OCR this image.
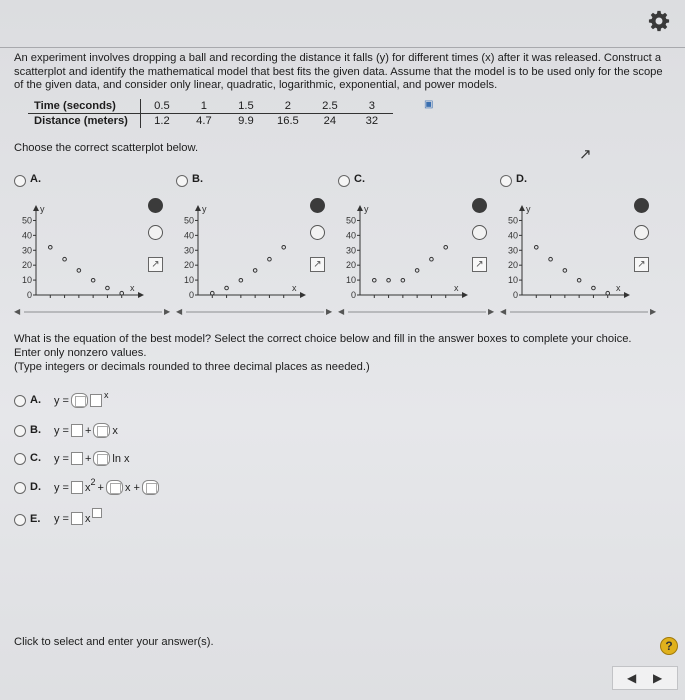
An experiment involves dropping a ball and recording the distance it falls (y) for different times (x) after it was released. Construct a scatterplot and identify the mathematical model that best fits the given data. Assume that the model is to be used only for the scope of the given data, and consider only linear, quadratic, logarithmic, exponential, and power models.
Time (seconds)	0.5	1	1.5	2	2.5	3
Distance (meters)	1.2	4.7	9.9	16.5	24	32
▣
Choose the correct scatterplot below.	↗
A.
y
x
50
40
30
20
10
0
↗
B.
y
x
50
40
30
20
10
0
↗
C.
y
x
50
40
30
20
10
0
↗
D.
y
x
50
40
30
20
10
0
↗
◀	▶ ◀	▶ ◀	▶ ◀	▶
What is the equation of the best model? Select the correct choice below and fill in the answer boxes to complete your choice. Enter only nonzero values.
(Type integers or decimals rounded to three decimal places as needed.)
A. y =	x
B. y = + x
C. y = + ln x
D. $y = x^2 + x$ +
E. y = x
Click to select and enter your answer(s).	?
◀ ▶
